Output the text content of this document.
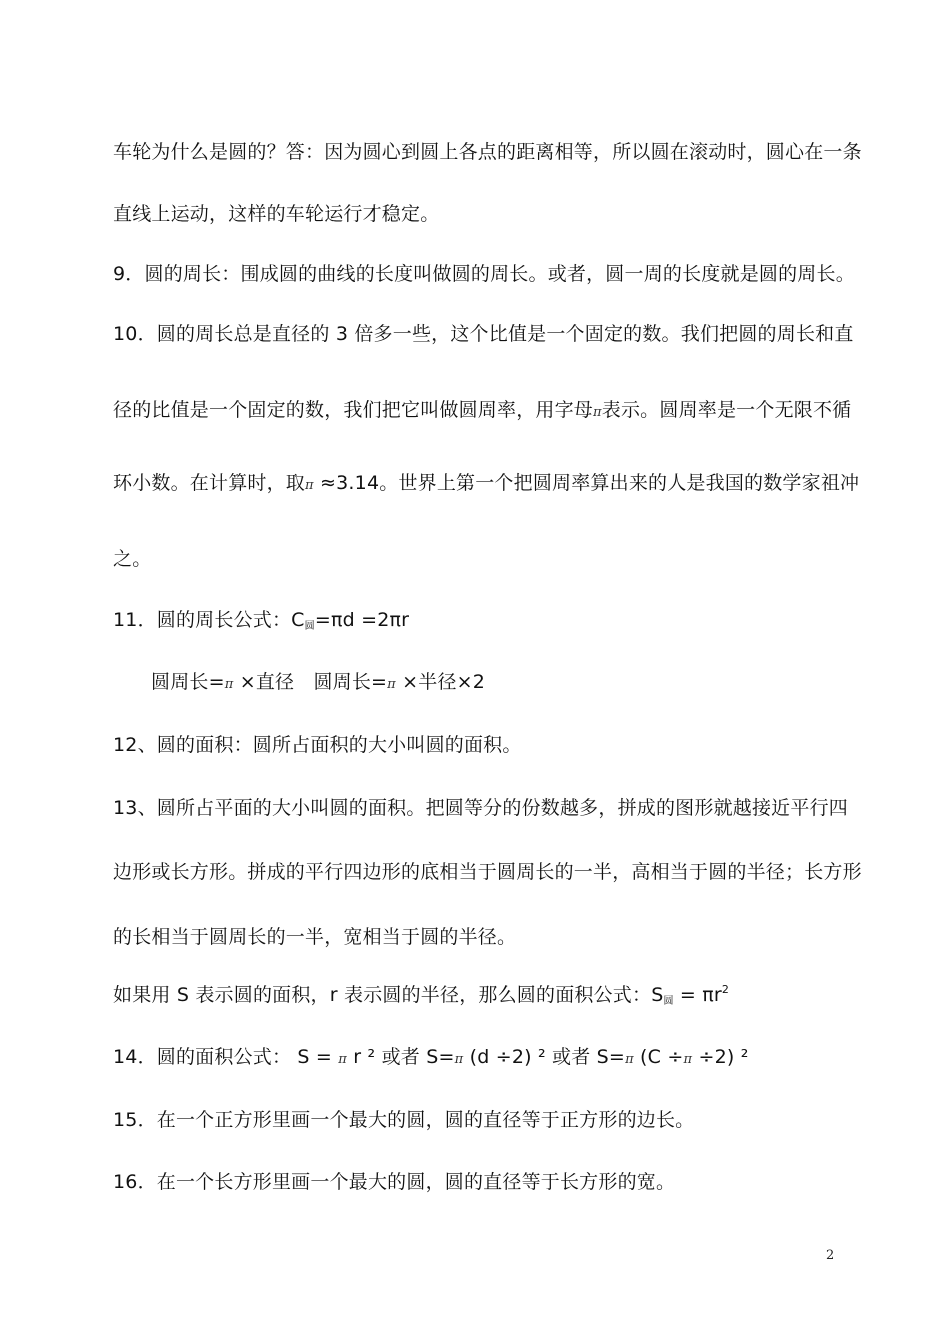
车轮为什么是圆的？答：因为圆心到圆上各点的距离相等，所以圆在滚动时，圆心在一条
直线上运动，这样的车轮运行才稳定。
9．圆的周长：围成圆的曲线的长度叫做圆的周长。或者，圆一周的长度就是圆的周长。
10．圆的周长总是直径的 3 倍多一些，这个比值是一个固定的数。我们把圆的周长和直
径的比值是一个固定的数，我们把它叫做圆周率，用字母π表示。圆周率是一个无限不循
环小数。在计算时，取π ≈3.14。世界上第一个把圆周率算出来的人是我国的数学家祖冲
之。
11．圆的周长公式：C圆=πd =2πr
圆周长=π ×直径　圆周长=π ×半径×2
12、圆的面积：圆所占面积的大小叫圆的面积。
13、圆所占平面的大小叫圆的面积。把圆等分的份数越多，拼成的图形就越接近平行四
边形或长方形。拼成的平行四边形的底相当于圆周长的一半，高相当于圆的半径；长方形
的长相当于圆周长的一半，宽相当于圆的半径。
如果用 S 表示圆的面积，r 表示圆的半径，那么圆的面积公式：S圆 = $\pi r^2$
14．圆的面积公式： S = π r ² 或者 S=π (d ÷2) ² 或者 S=π (C ÷π ÷2) ²
15．在一个正方形里画一个最大的圆，圆的直径等于正方形的边长。
16．在一个长方形里画一个最大的圆，圆的直径等于长方形的宽。
2
